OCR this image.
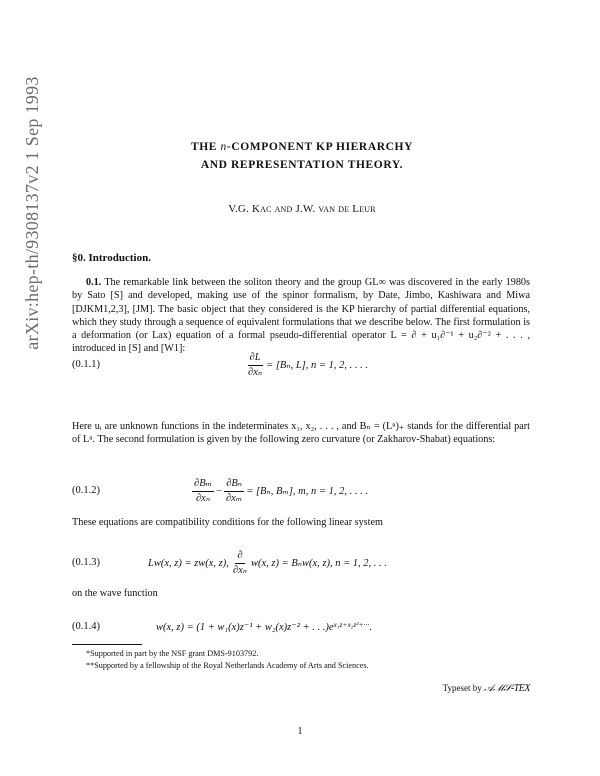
arXiv:hep-th/9308137v2 1 Sep 1993	THE n-COMPONENT KP HIERARCHY
AND REPRESENTATION THEORY.
V.G. Kac and J.W. van de Leur
§0. Introduction.
0.1. The remarkable link between the soliton theory and the group GL∞ was discovered in the early 1980s by Sato [S] and developed, making use of the spinor formalism, by Date, Jimbo, Kashiwara and Miwa [DJKM1,2,3], [JM]. The basic object that they considered is the KP hierarchy of partial differential equations, which they study through a sequence of equivalent formulations that we describe below. The first formulation is a deformation (or Lax) equation of a formal pseudo-differential operator L = ∂ + u₁∂⁻¹ + u₂∂⁻² + . . . , introduced in [S] and [W1]:
(0.1.1)	$\frac{\partial L}{\text{∂xₙ}} = [B_n$, L], n = 1, 2, . . . .
Here uᵢ are unknown functions in the indeterminates x₁, x₂, . . . , and Bₙ = (Lⁿ)₊ stands for the differential part of Lⁿ. The second formulation is given by the following zero curvature (or Zakharov-Shabat) equations:
(0.1.2)	$\frac{\text{∂Bₘ}}{\text{∂xₙ}} - \frac{\text{∂Bₙ}}{\text{∂xₘ}} = [B_n$, Bₘ], m, n = 1, 2, . . . .
These equations are compatibility conditions for the following linear system
(0.1.3)	Lw(x, z) = zw(x, z), $\frac{\partial}{\text{∂xₙ}} w(x$, z) = Bₙw(x, z), n = 1, 2, . . .
on the wave function
(0.1.4)	w(x, z) = (1 + w₁(x)z⁻¹ + w₂(x)z⁻² + . . $.)e^{x_1z+x_2z^2+\cdot\cdot\cdot}$ .
*Supported in part by the NSF grant DMS-9103792.
**Supported by a fellowship of the Royal Netherlands Academy of Arts and Sciences.
Typeset by 𝒜ℳ𝒮-TEX
1
